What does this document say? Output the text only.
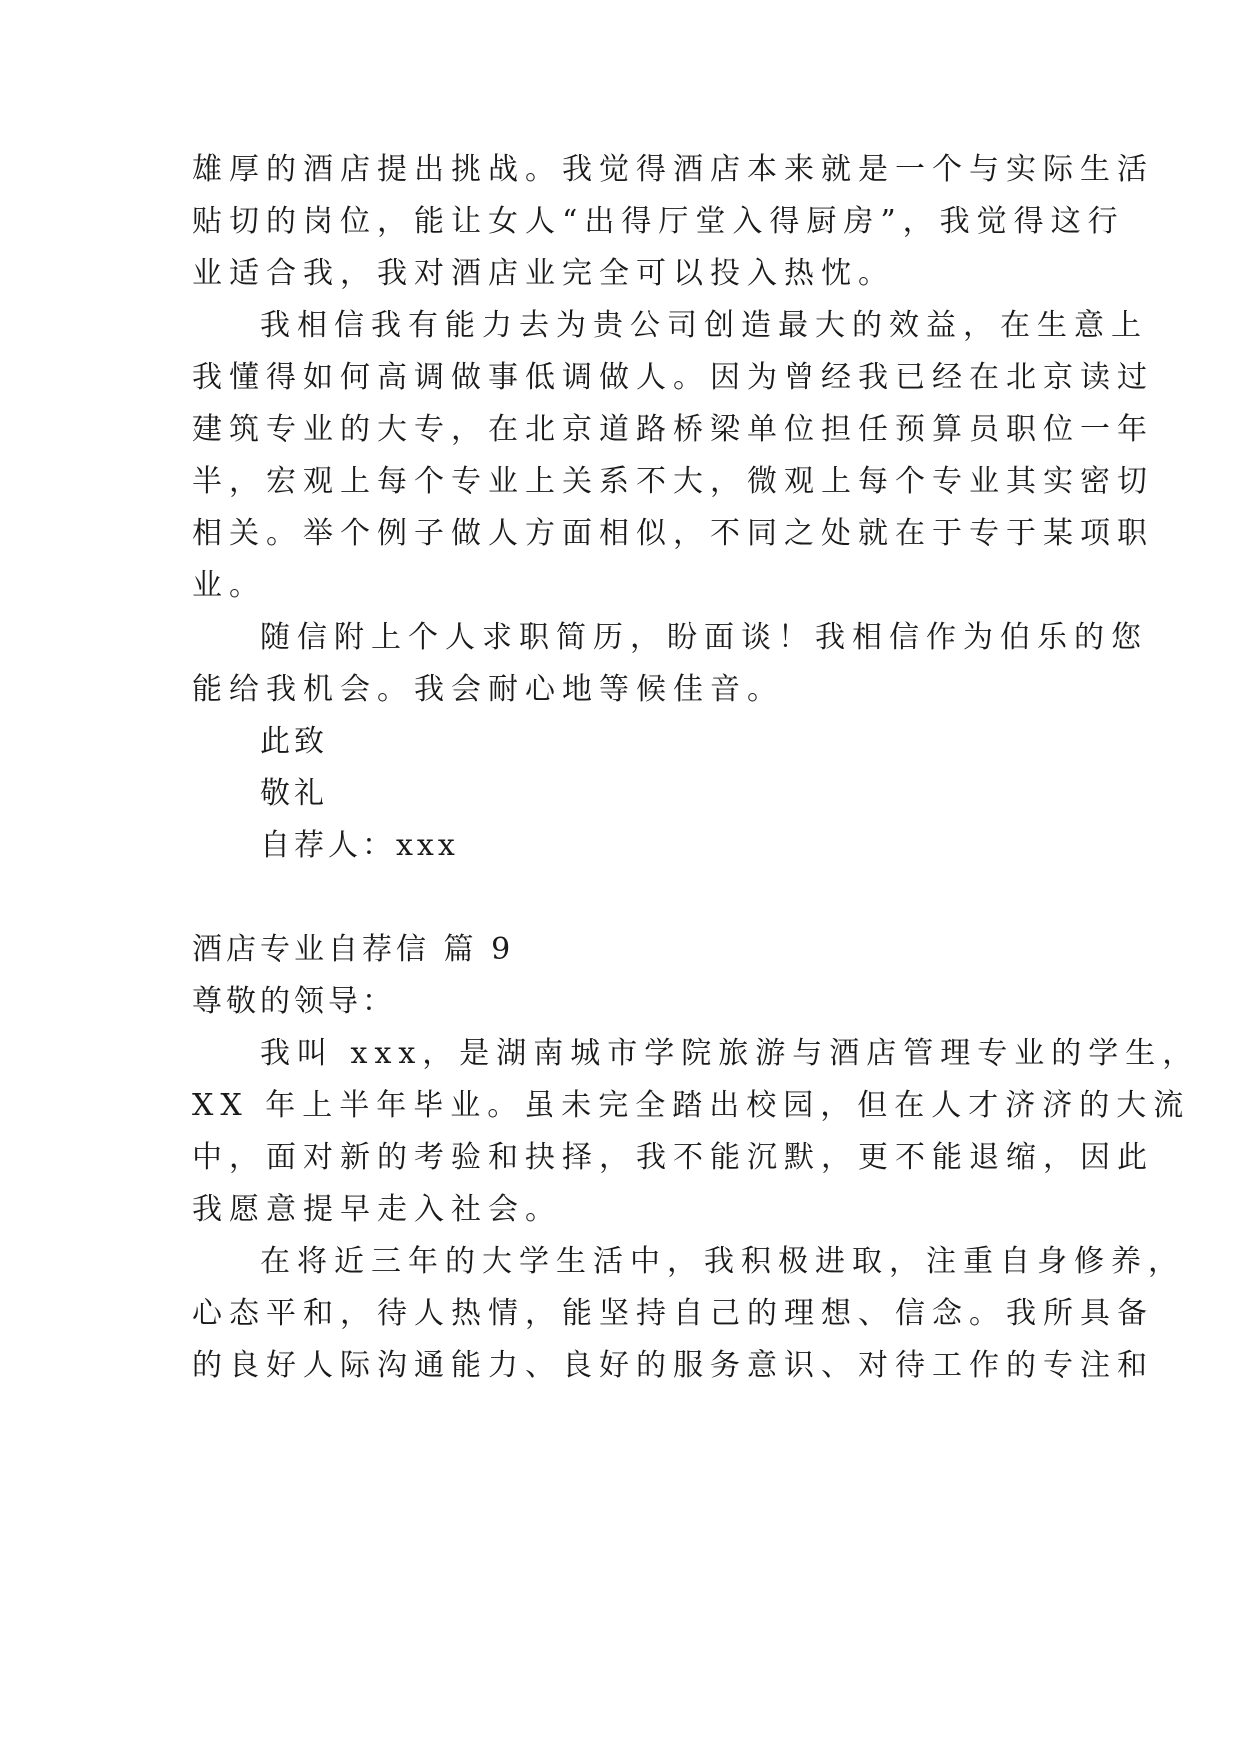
雄厚的酒店提出挑战。我觉得酒店本来就是一个与实际生活
贴切的岗位，能让女人“出得厅堂入得厨房”，我觉得这行
业适合我，我对酒店业完全可以投入热忱。
我相信我有能力去为贵公司创造最大的效益，在生意上
我懂得如何高调做事低调做人。因为曾经我已经在北京读过
建筑专业的大专，在北京道路桥梁单位担任预算员职位一年
半，宏观上每个专业上关系不大，微观上每个专业其实密切
相关。举个例子做人方面相似，不同之处就在于专于某项职
业。
随信附上个人求职简历，盼面谈！我相信作为伯乐的您
能给我机会。我会耐心地等候佳音。
此致
敬礼
自荐人：xxx
酒店专业自荐信 篇 9
尊敬的领导：
我叫 xxx，是湖南城市学院旅游与酒店管理专业的学生，
XX 年上半年毕业。虽未完全踏出校园，但在人才济济的大流
中，面对新的考验和抉择，我不能沉默，更不能退缩，因此
我愿意提早走入社会。
在将近三年的大学生活中，我积极进取，注重自身修养，
心态平和，待人热情，能坚持自己的理想、信念。我所具备
的良好人际沟通能力、良好的服务意识、对待工作的专注和
